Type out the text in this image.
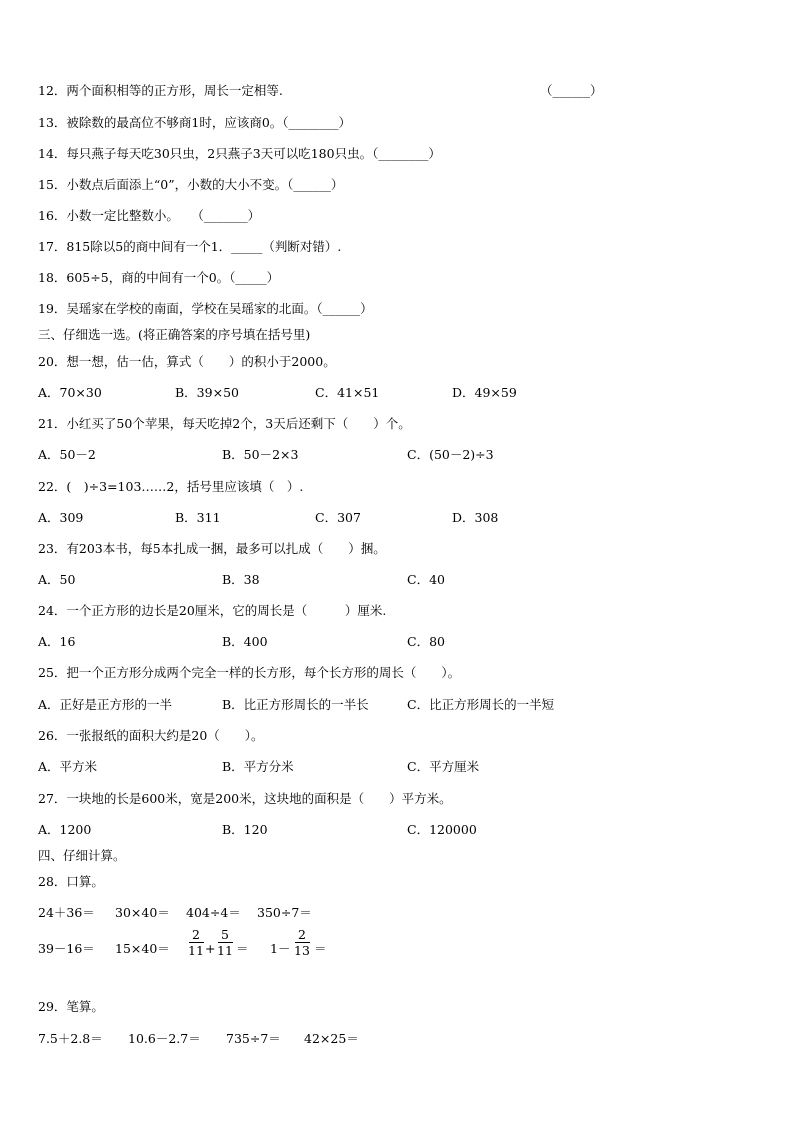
12．两个面积相等的正方形，周长一定相等.	（______）
13．被除数的最高位不够商1时，应该商0。（________）
14．每只燕子每天吃30只虫，2只燕子3天可以吃180只虫。（________）
15．小数点后面添上“0”，小数的大小不变。（______）
16．小数一定比整数小。　　（_______）
17．815除以5的商中间有一个1．_____（判断对错）.
18．605÷5，商的中间有一个0。（_____）
19．吴瑶家在学校的南面，学校在吴瑶家的北面。（______）
三、仔细选一选。(将正确答案的序号填在括号里)
20．想一想，估一估，算式（　　）的积小于2000。
A．70×30	B．39×50	C．41×51	D．49×59
21．小红买了50个苹果，每天吃掉2个，3天后还剩下（　　）个。
A．50－2	B．50－2×3	C．(50－2)÷3
22．(　)÷3=103……2，括号里应该填（　）.
A．309	B．311	C．307	D．308
23．有203本书，每5本扎成一捆，最多可以扎成（　　）捆。
A．50	B．38	C．40
24．一个正方形的边长是20厘米，它的周长是（　　　）厘米.
A．16	B．400	C．80
25．把一个正方形分成两个完全一样的长方形，每个长方形的周长（　　）。
A．正好是正方形的一半	B．比正方形周长的一半长	C．比正方形周长的一半短
26．一张报纸的面积大约是20（　　）。
A．平方米	B．平方分米	C．平方厘米
27．一块地的长是600米，宽是200米，这块地的面积是（　　）平方米。
A．1200	B．120	C．120000
四、仔细计算。
28．口算。
24＋36＝ 30×40＝ 404÷4＝ 350÷7＝
39－16＝ 15×40＝
2
11 +
5
11 ＝ 1－
2
13 ＝
29．笔算。
7.5＋2.8＝ 10.6－2.7＝ 735÷7＝ 42×25＝
